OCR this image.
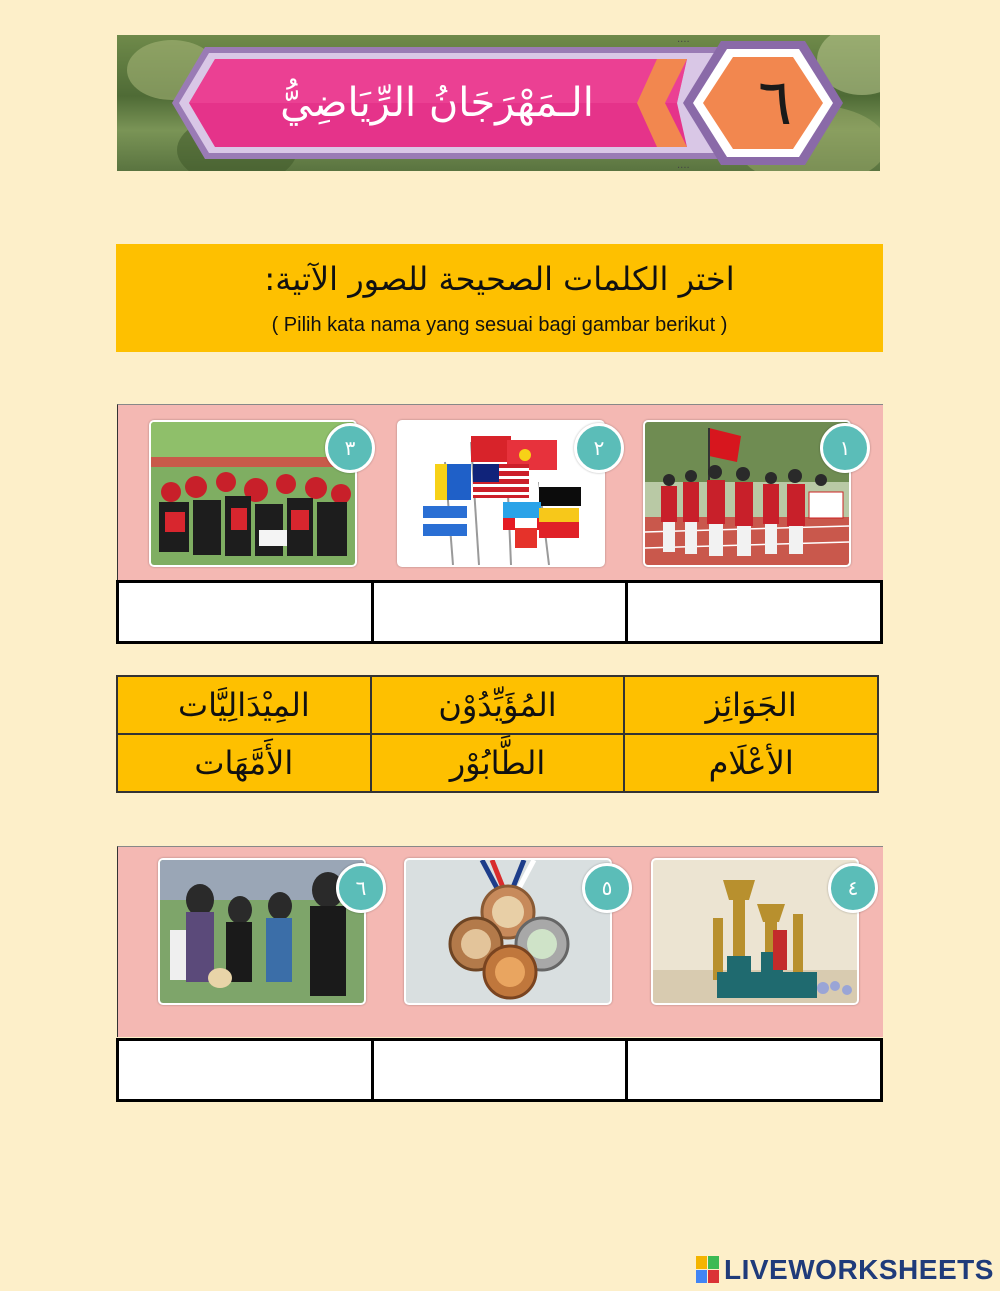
····
····
الـمَهْرَجَانُ الرِّيَاضِيُّ	٦
اختر الكلمات الصحيحة للصور الآتية:
( Pilih kata nama yang sesuai bagi gambar berikut )
٣	٢	١

المِيْدَالِيَّات	المُؤَيِّدُوْن	الجَوَائِز
الأَمَّهَات	الطَّابُوْر	الأعْلَام
٦	٥	٤

LIVEWORKSHEETS
